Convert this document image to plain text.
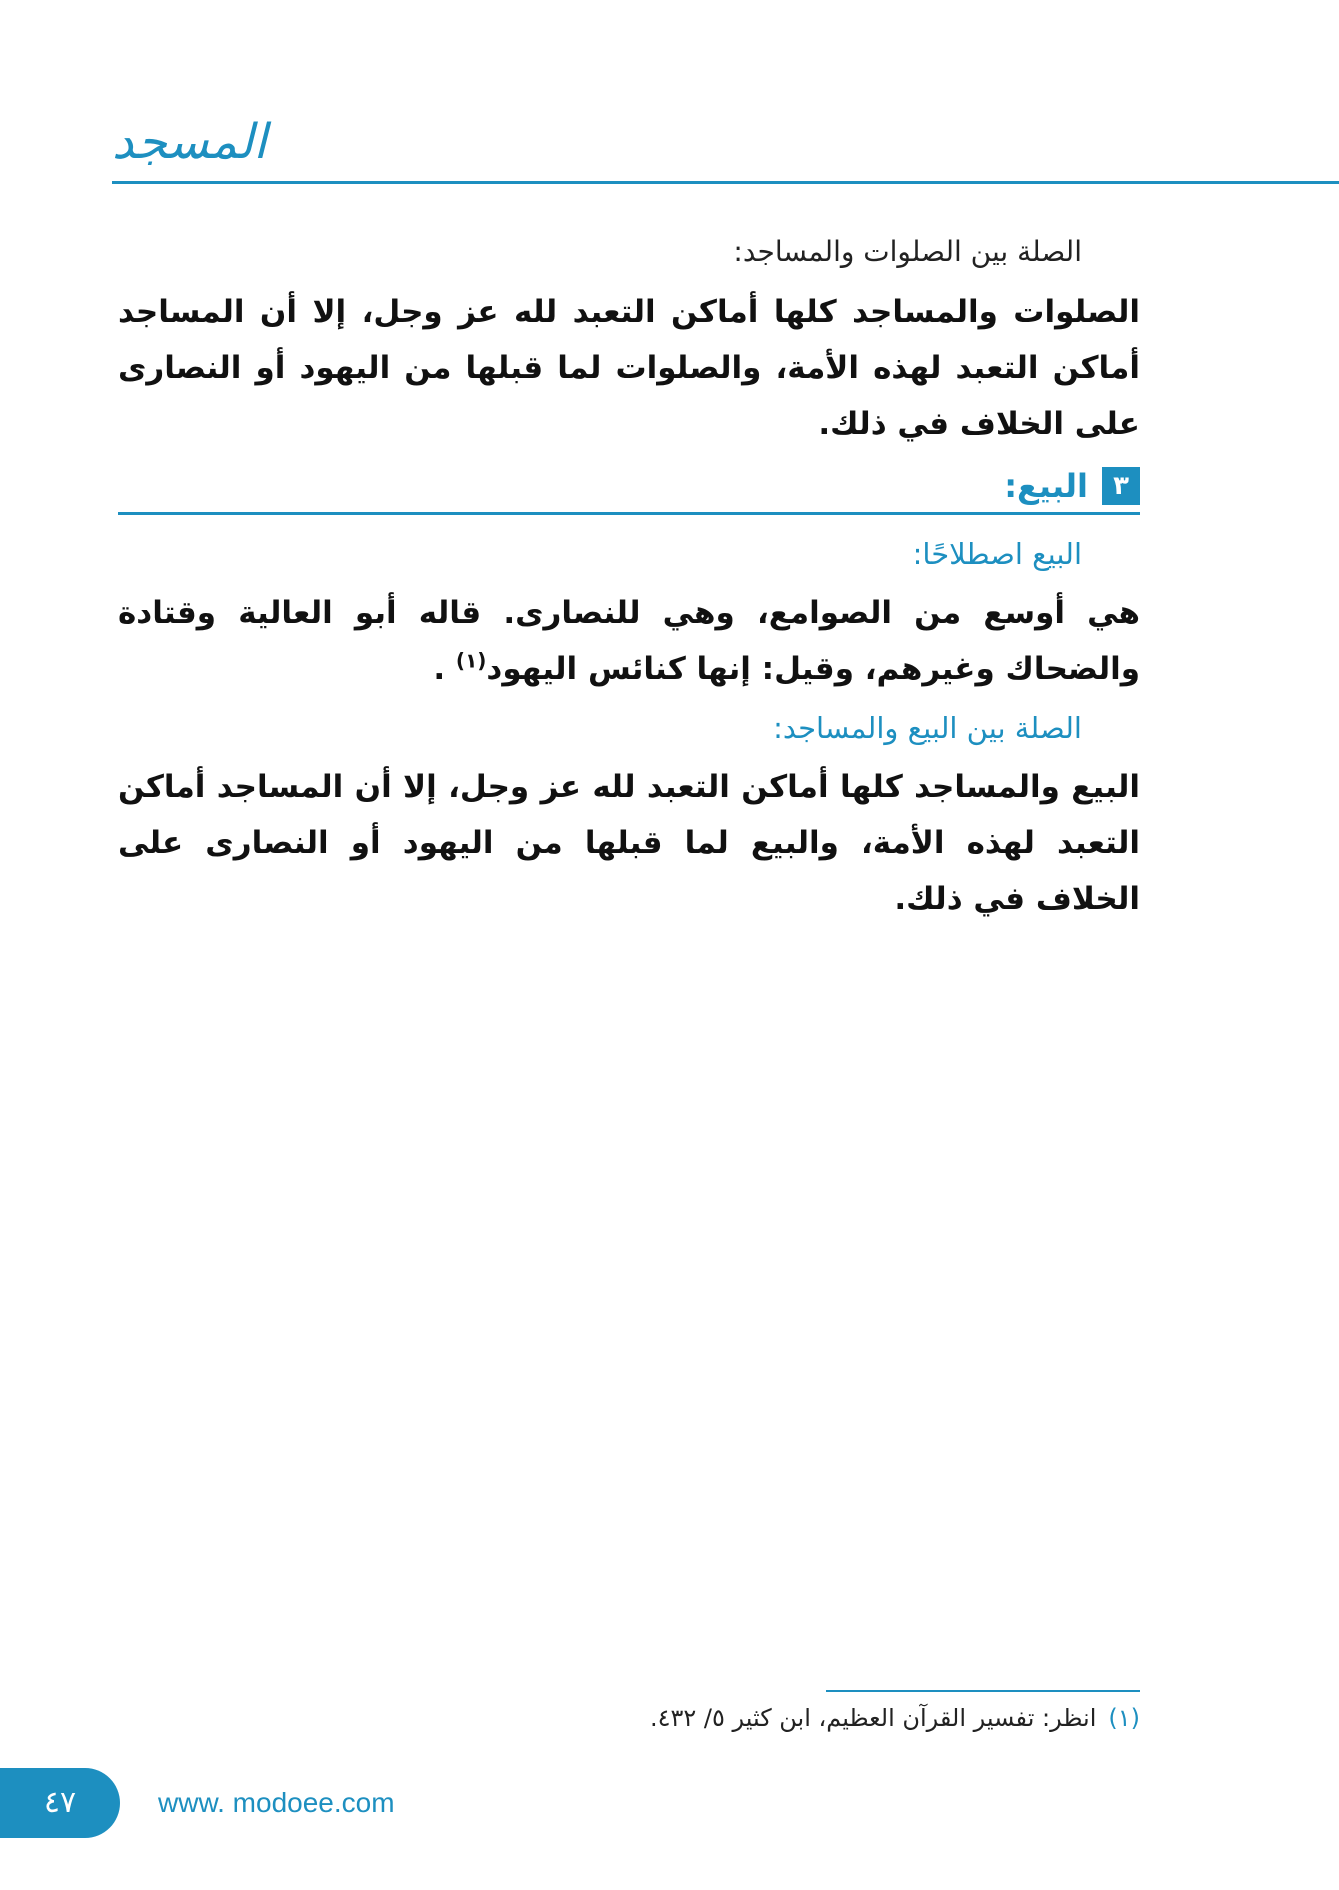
المسجد
الصلة بين الصلوات والمساجد:

الصلوات والمساجد كلها أماكن التعبد لله عز وجل، إلا أن المساجد أماكن التعبد لهذه الأمة، والصلوات لما قبلها من اليهود أو النصارى على الخلاف في ذلك.

٣
البيع:
البيع اصطلاحًا:

هي أوسع من الصوامع، وهي للنصارى. قاله أبو العالية وقتادة والضحاك وغيرهم، وقيل: إنها كنائس اليهود$^{(١)}$ .

الصلة بين البيع والمساجد:

البيع والمساجد كلها أماكن التعبد لله عز وجل، إلا أن المساجد أماكن التعبد لهذه الأمة، والبيع لما قبلها من اليهود أو النصارى على الخلاف في ذلك.

(١)انظر: تفسير القرآن العظيم، ابن كثير ٥/ ٤٣٢.
٤٧	www. modoee.com
